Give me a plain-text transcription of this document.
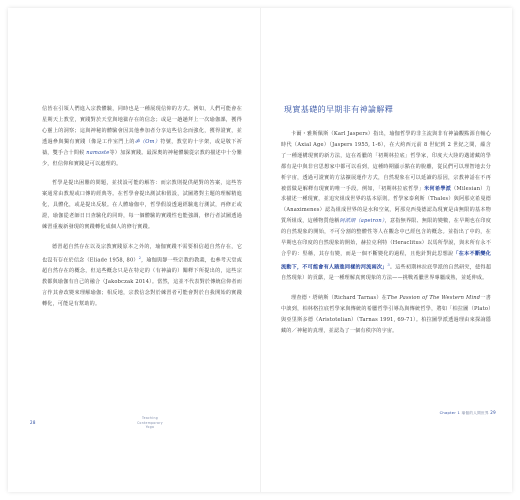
信皆在引領人們進入宗教體驗，同時也是一種展現信仰的方式。例如，人們可能會在星期天上教堂，實踐對於天堂與地獄存在的信念；或是一趟趟拜上一次瑜伽課，獲得心靈上的洞察；這與神秘的體驗會因其他參加者分享這些信念而強化，獲得證實，並透過參與獨有實踐（像是工作室門上的ॐ（Om）符號，教堂的十字架，或是敬下祈禱，雙手合十問候 namaste等）加深實踐。最深奧的神秘體驗從宗教的描述中十分難少，但信仰和實踐是可以處理的。

哲學是提出困難的問題，並找設可能的解答：而宗教則提供絕對的答案，這些答案通常由教規或口傳的經典等。在哲學會提出測試和假設，試圖將對主題的理解精進化，具體化，或是提出反駁。在人體瑜伽中，哲學假設透過經驗進行測試，再修正或證，瑜伽從老師日日查驗化的同時，每一個體驗的實踐性也能強調，修行者試圖透過練習重複新發現的實踐轉化成個人的修行實踐。

德習超自然存在以及宗教實踐原本之外的，瑜伽實踐不需要相信超自然存在，它也沒有存在於信念（Eliade 1958, 80）$^2$，瑜伽與靜一些宗教的教義，也參考天堂或超自然存在的概念，但這些概念只是在特定的（有神論的）闡釋下所提出的，這些宗教都與瑜伽有自己的融合（Jakobczak 2014）。當然，這並不代表對於傳統信仰者而言作其會改變來理解瑜伽；相反地，宗教信念對於練習者可能會對於自我開始的實踐轉化，可能是有幫助的。

28
Teaching
Contemporary
Yoga
現實基礎的早期非有神論解釋

卡爾・雅斯佩斯（Karl Jaspers）指出，瑜伽哲學的非主流與非有神論觀點源自軸心時代（Axial Age）（Jaspers 1955, 1-6），在大約西元前 8 世紀到 2 世紀之間，蘊含了一種運構現實的新方法，這在希臘的「初期林拉底」哲學家，印度大大陸的邁諾藏的學都有是中與非官思想家中都可以看到，這種時期顯示點在的脫離，從民們可以理智地去分析宇宙，透過可證實的方法擴展運作方式，自然現象在可以延讀的原因，宗教神話在不再被當做是解釋有現實的唯一手段。例如，「初期林拉底哲學」米何希學派（Milesian）力求描述一種現實，並追究組成世界的基本原則。哲學家泰利斯（Thales）與阿那克希曼德（Anaximenes）認為組成世界的是水和空氣，阿那克西曼德認為現實是由無限的基本物質所組成，這種物質他稱阿派朗（apeiron），意指無界限、無限的變數，在早期也在印度的自然現象的開始，不可分割的整體性等人在觀念中已經包含的概念。並指出了中的，在早期也在印度的自然現象的開始，赫拉克利特（Heraclitus）以馬所學說，與未所有永不合乎的：堅稱，其存有變，而是一個不斷變化的過程，且他針對此思想說「在本不斷變化流動下，不可能會有人踏進同樣的河流兩次」$^3$。這些初期林拉底學派的自然研究，使得超自然現象）的貢獻，是一種理解真實現象的方法——挑戰希臘世界專屬成熟，並延伸成。

理查德・塔納斯（Richard Tarnas）在The Passion of The Western Mind一書中談到，柏林格拉底哲學家與傳統的希臘哲學引導為與傳統哲學，將如「柏拉圖（Plato）與亞里斯多德（Aristotelian）（Tarnas 1991, 69-71）。柏拉圖學派透過理由來探詢隱藏的／神秘的真理，並認為了一個有秩序的宇宙。

Chapter 1 瑜伽的人間世界 29
